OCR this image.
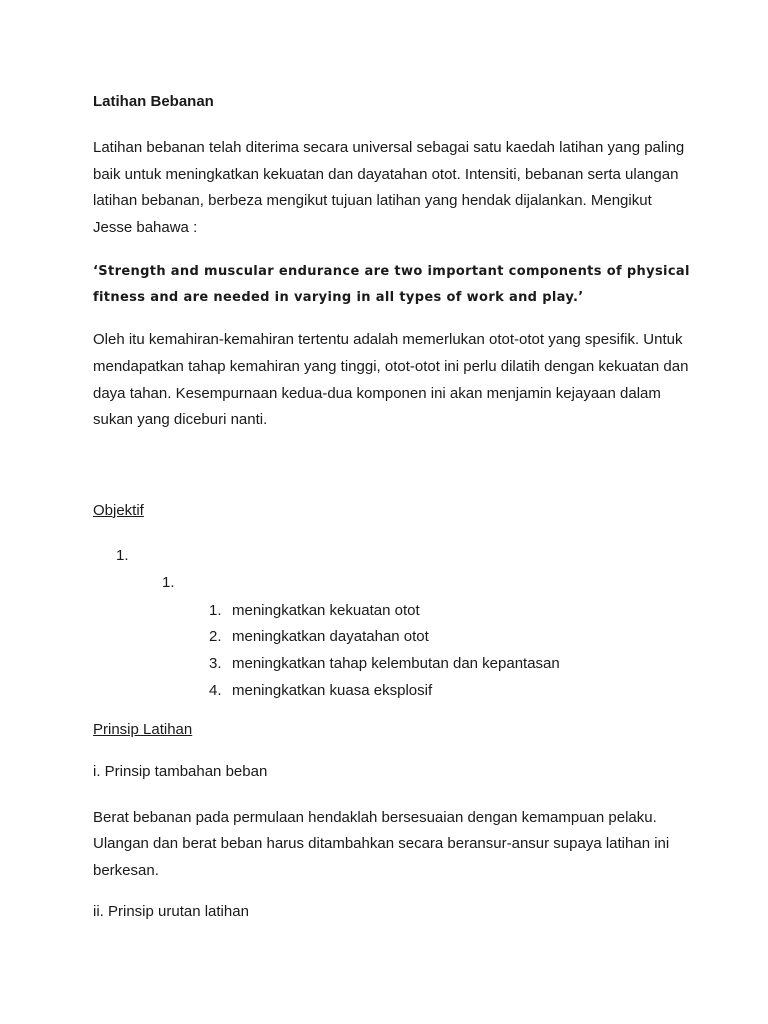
Latihan Bebanan

Latihan bebanan telah diterima secara universal sebagai satu kaedah latihan yang paling baik untuk meningkatkan kekuatan dan dayatahan otot. Intensiti, bebanan serta ulangan latihan bebanan, berbeza mengikut tujuan latihan yang hendak dijalankan. Mengikut Jesse bahawa :

‘Strength and muscular endurance are two important components of physical fitness and are needed in varying in all types of work and play.’

Oleh itu kemahiran-kemahiran tertentu adalah memerlukan otot-otot yang spesifik. Untuk mendapatkan tahap kemahiran yang tinggi, otot-otot ini perlu dilatih dengan kekuatan dan daya tahan. Kesempurnaan kedua-dua komponen ini akan menjamin kejayaan dalam sukan yang diceburi nanti.

Objektif

1.

1.

1. meningkatkan kekuatan otot
2. meningkatkan dayatahan otot
3. meningkatkan tahap kelembutan dan kepantasan
4. meningkatkan kuasa eksplosif

Prinsip Latihan

i. Prinsip tambahan beban

Berat bebanan pada permulaan hendaklah bersesuaian dengan kemampuan pelaku. Ulangan dan berat beban harus ditambahkan secara beransur-ansur supaya latihan ini berkesan.

ii. Prinsip urutan latihan
